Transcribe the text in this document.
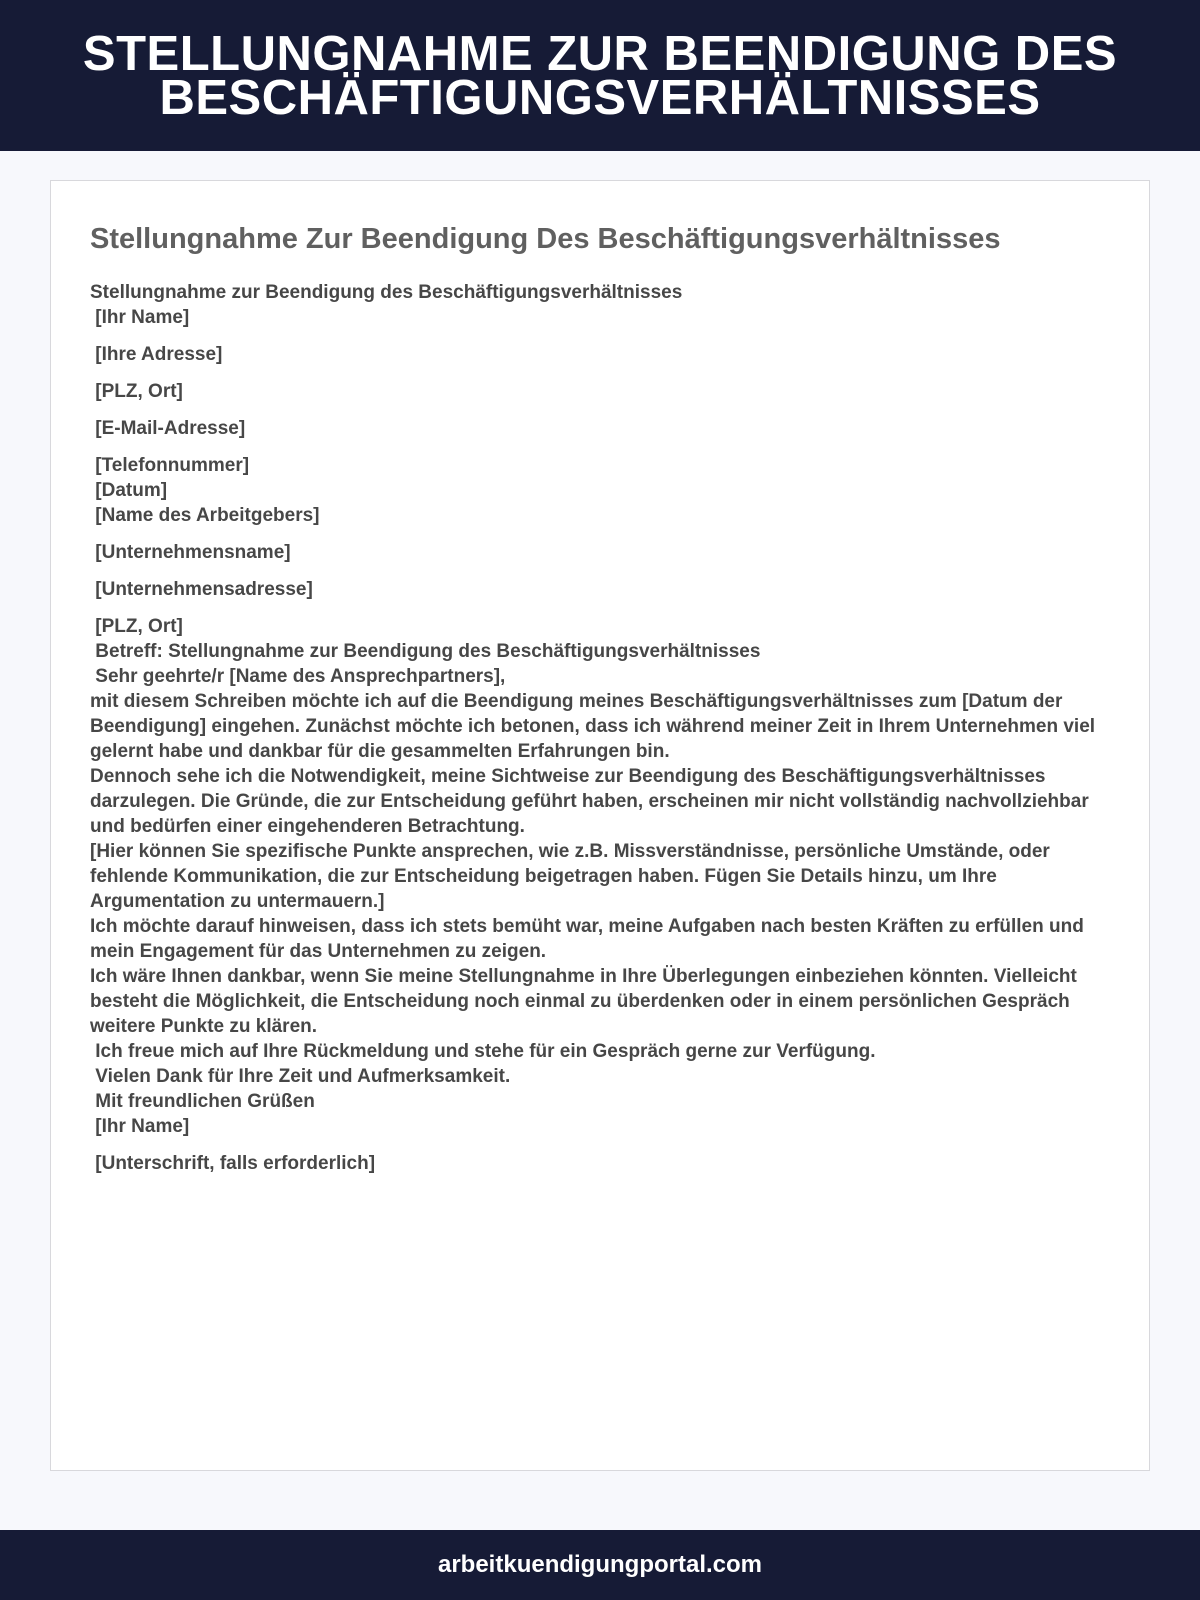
STELLUNGNAHME ZUR BEENDIGUNG DES BESCHÄFTIGUNGSVERHÄLTNISSES
Stellungnahme Zur Beendigung Des Beschäftigungsverhältnisses
Stellungnahme zur Beendigung des Beschäftigungsverhältnisses
[Ihr Name]
[Ihre Adresse]
[PLZ, Ort]
[E-Mail-Adresse]
[Telefonnummer]
[Datum]
[Name des Arbeitgebers]
[Unternehmensname]
[Unternehmensadresse]
[PLZ, Ort]
Betreff: Stellungnahme zur Beendigung des Beschäftigungsverhältnisses
Sehr geehrte/r [Name des Ansprechpartners],
mit diesem Schreiben möchte ich auf die Beendigung meines Beschäftigungsverhältnisses zum [Datum der Beendigung] eingehen. Zunächst möchte ich betonen, dass ich während meiner Zeit in Ihrem Unternehmen viel gelernt habe und dankbar für die gesammelten Erfahrungen bin.
Dennoch sehe ich die Notwendigkeit, meine Sichtweise zur Beendigung des Beschäftigungsverhältnisses darzulegen. Die Gründe, die zur Entscheidung geführt haben, erscheinen mir nicht vollständig nachvollziehbar und bedürfen einer eingehenderen Betrachtung.
[Hier können Sie spezifische Punkte ansprechen, wie z.B. Missverständnisse, persönliche Umstände, oder fehlende Kommunikation, die zur Entscheidung beigetragen haben. Fügen Sie Details hinzu, um Ihre Argumentation zu untermauern.]
Ich möchte darauf hinweisen, dass ich stets bemüht war, meine Aufgaben nach besten Kräften zu erfüllen und mein Engagement für das Unternehmen zu zeigen.
Ich wäre Ihnen dankbar, wenn Sie meine Stellungnahme in Ihre Überlegungen einbeziehen könnten. Vielleicht besteht die Möglichkeit, die Entscheidung noch einmal zu überdenken oder in einem persönlichen Gespräch weitere Punkte zu klären.
Ich freue mich auf Ihre Rückmeldung und stehe für ein Gespräch gerne zur Verfügung.
Vielen Dank für Ihre Zeit und Aufmerksamkeit.
Mit freundlichen Grüßen
[Ihr Name]
[Unterschrift, falls erforderlich]
arbeitkuendigungportal.com
